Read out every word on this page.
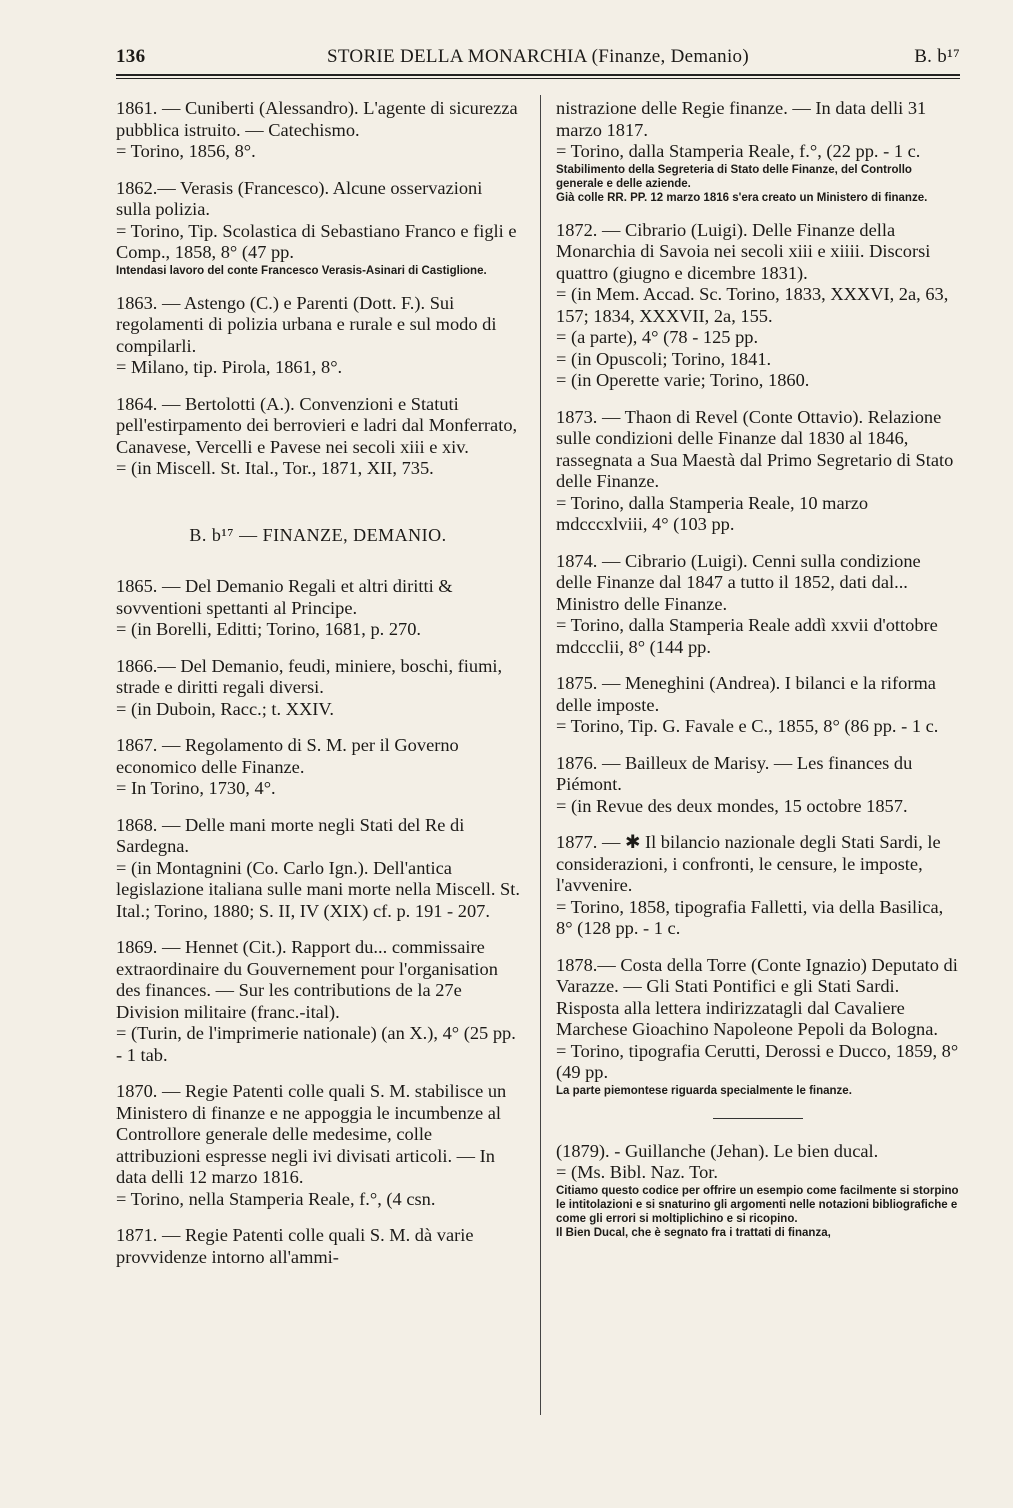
136	STORIE DELLA MONARCHIA (Finanze, Demanio)	B. b¹⁷

1861. — Cuniberti (Alessandro). L'agente di sicurezza pubblica istruito. — Catechismo.

= Torino, 1856, 8°.

1862.— Verasis (Francesco). Alcune osservazioni sulla polizia.

= Torino, Tip. Scolastica di Sebastiano Franco e figli e Comp., 1858, 8° (47 pp.

Intendasi lavoro del conte Francesco Verasis-Asinari di Castiglione.

1863. — Astengo (C.) e Parenti (Dott. F.). Sui regolamenti di polizia urbana e rurale e sul modo di compilarli.

= Milano, tip. Pirola, 1861, 8°.

1864. — Bertolotti (A.). Convenzioni e Statuti pell'estirpamento dei berrovieri e ladri dal Monferrato, Canavese, Vercelli e Pavese nei secoli xiii e xiv.

= (in Miscell. St. Ital., Tor., 1871, XII, 735.

B. b¹⁷ — FINANZE, DEMANIO.

1865. — Del Demanio Regali et altri diritti & sovventioni spettanti al Principe.

= (in Borelli, Editti; Torino, 1681, p. 270.

1866.— Del Demanio, feudi, miniere, boschi, fiumi, strade e diritti regali diversi.

= (in Duboin, Racc.; t. XXIV.

1867. — Regolamento di S. M. per il Governo economico delle Finanze.

= In Torino, 1730, 4°.

1868. — Delle mani morte negli Stati del Re di Sardegna.

= (in Montagnini (Co. Carlo Ign.). Dell'antica legislazione italiana sulle mani morte nella Miscell. St. Ital.; Torino, 1880; S. II, IV (XIX) cf. p. 191 - 207.

1869. — Hennet (Cit.). Rapport du... commissaire extraordinaire du Gouvernement pour l'organisation des finances. — Sur les contributions de la 27e Division militaire (franc.-ital).

= (Turin, de l'imprimerie nationale) (an X.), 4° (25 pp. - 1 tab.

1870. — Regie Patenti colle quali S. M. stabilisce un Ministero di finanze e ne appoggia le incumbenze al Controllore generale delle medesime, colle attribuzioni espresse negli ivi divisati articoli. — In data delli 12 marzo 1816.

= Torino, nella Stamperia Reale, f.°, (4 csn.

1871. — Regie Patenti colle quali S. M. dà varie provvidenze intorno all'ammi-

nistrazione delle Regie finanze. — In data delli 31 marzo 1817.

= Torino, dalla Stamperia Reale, f.°, (22 pp. - 1 c.

Stabilimento della Segreteria di Stato delle Finanze, del Controllo generale e delle aziende.

Già colle RR. PP. 12 marzo 1816 s'era creato un Ministero di finanze.

1872. — Cibrario (Luigi). Delle Finanze della Monarchia di Savoia nei secoli xiii e xiiii. Discorsi quattro (giugno e dicembre 1831).

= (in Mem. Accad. Sc. Torino, 1833, XXXVI, 2a, 63, 157; 1834, XXXVII, 2a, 155.

= (a parte), 4° (78 - 125 pp.

= (in Opuscoli; Torino, 1841.

= (in Operette varie; Torino, 1860.

1873. — Thaon di Revel (Conte Ottavio). Relazione sulle condizioni delle Finanze dal 1830 al 1846, rassegnata a Sua Maestà dal Primo Segretario di Stato delle Finanze.

= Torino, dalla Stamperia Reale, 10 marzo mdcccxlviii, 4° (103 pp.

1874. — Cibrario (Luigi). Cenni sulla condizione delle Finanze dal 1847 a tutto il 1852, dati dal... Ministro delle Finanze.

= Torino, dalla Stamperia Reale addì xxvii d'ottobre mdccclii, 8° (144 pp.

1875. — Meneghini (Andrea). I bilanci e la riforma delle imposte.

= Torino, Tip. G. Favale e C., 1855, 8° (86 pp. - 1 c.

1876. — Bailleux de Marisy. — Les finances du Piémont.

= (in Revue des deux mondes, 15 octobre 1857.

1877. — ✱ Il bilancio nazionale degli Stati Sardi, le considerazioni, i confronti, le censure, le imposte, l'avvenire.

= Torino, 1858, tipografia Falletti, via della Basilica, 8° (128 pp. - 1 c.

1878.— Costa della Torre (Conte Ignazio) Deputato di Varazze. — Gli Stati Pontifici e gli Stati Sardi. Risposta alla lettera indirizzatagli dal Cavaliere Marchese Gioachino Napoleone Pepoli da Bologna.

= Torino, tipografia Cerutti, Derossi e Ducco, 1859, 8° (49 pp.

La parte piemontese riguarda specialmente le finanze.

(1879). - Guillanche (Jehan). Le bien ducal.

= (Ms. Bibl. Naz. Tor.

Citiamo questo codice per offrire un esempio come facilmente si storpino le intitolazioni e si snaturino gli argomenti nelle notazioni bibliografiche e come gli errori si moltiplichino e si ricopino.

Il Bien Ducal, che è segnato fra i trattati di finanza,
